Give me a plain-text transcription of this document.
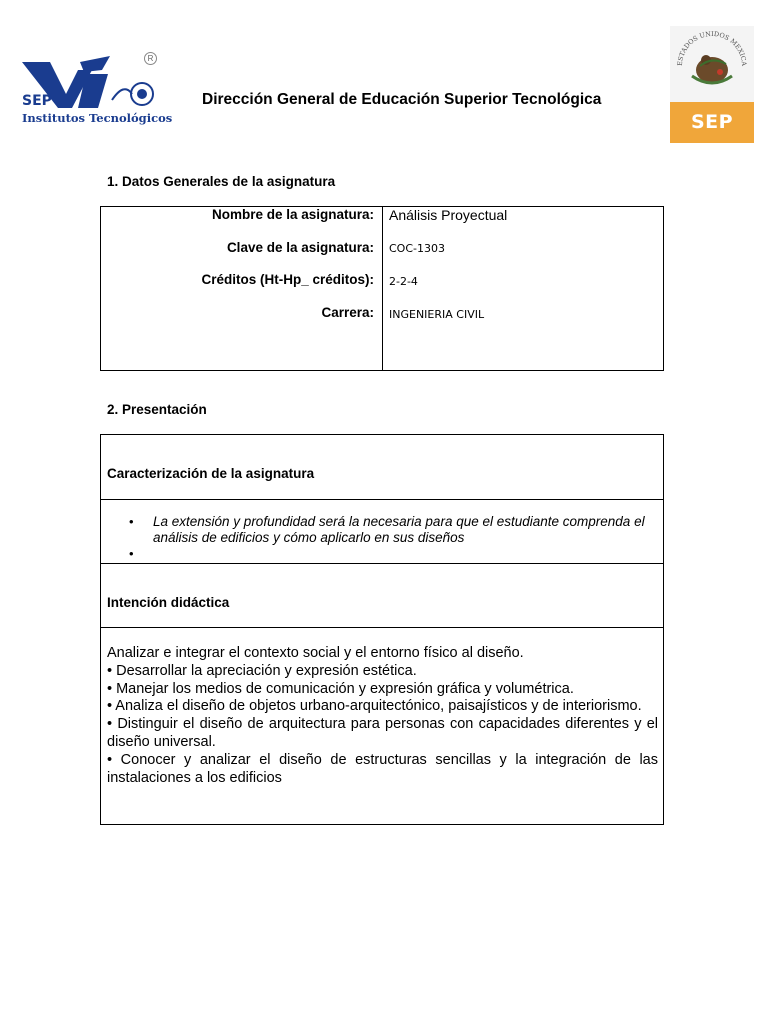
SEP
Institutos Tecnológicos
R
Dirección General de Educación Superior Tecnológica
ESTADOS UNIDOS MEXICA
SEP
1. Datos Generales de la asignatura
Nombre de la asignatura: Análisis Proyectual
Clave de la asignatura: COC-1303
Créditos (Ht-Hp_ créditos): 2-2-4
Carrera: INGENIERIA CIVIL
2. Presentación
Caracterización de la asignatura
• La extensión y profundidad será la necesaria para que el estudiante comprenda el análisis de edificios y cómo aplicarlo en sus diseños
•
Intención didáctica

Analizar e integrar el contexto social y el entorno físico al diseño.

• Desarrollar la apreciación y expresión estética.

• Manejar los medios de comunicación y expresión gráfica y volumétrica.

• Analiza el diseño de objetos urbano-arquitectónico, paisajísticos y de interiorismo.

• Distinguir el diseño de arquitectura para personas con capacidades diferentes y el diseño universal.

• Conocer y analizar el diseño de estructuras sencillas y la integración de las instalaciones a los edificios
